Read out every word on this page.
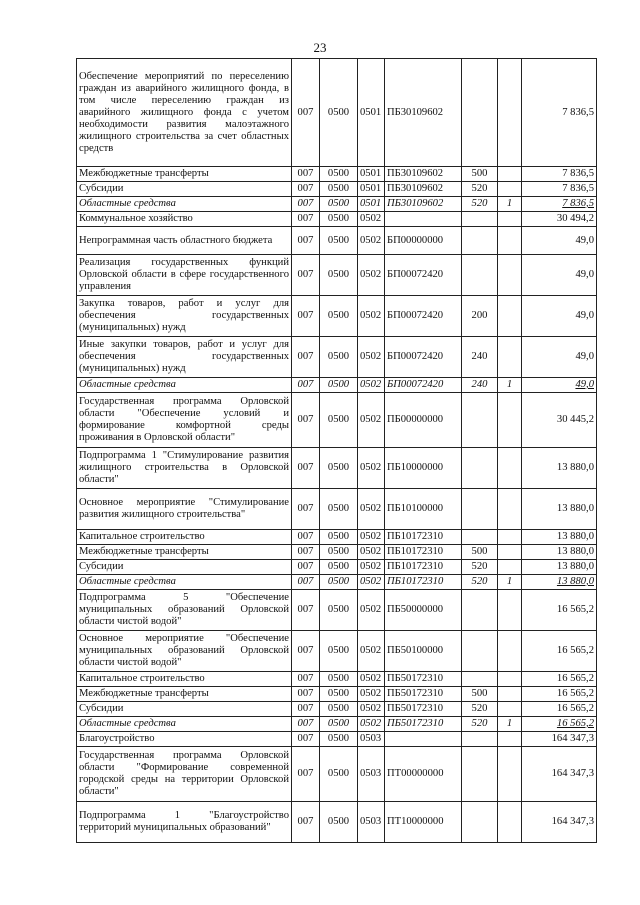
23
Обеспечение мероприятий по переселению граждан из аварийного жилищного фонда, в том числе переселению граждан из аварийного жилищного фонда с учетом необходимости развития малоэтажного жилищного строительства за счет областных средств	007	0500	0501	ПБ30109602			7 836,5
Межбюджетные трансферты	007	0500	0501	ПБ30109602	500		7 836,5
Субсидии	007	0500	0501	ПБ30109602	520		7 836,5
Областные средства	007	0500	0501	ПБ30109602	520	1	7 836,5
Коммунальное хозяйство	007	0500	0502				30 494,2
Непрограммная часть областного бюджета	007	0500	0502	БП00000000			49,0
Реализация государственных функций Орловской области в сфере государственного управления	007	0500	0502	БП00072420			49,0
Закупка товаров, работ и услуг для обеспечения государственных (муниципальных) нужд	007	0500	0502	БП00072420	200		49,0
Иные закупки товаров, работ и услуг для обеспечения государственных (муниципальных) нужд	007	0500	0502	БП00072420	240		49,0
Областные средства	007	0500	0502	БП00072420	240	1	49,0
Государственная программа Орловской области "Обеспечение условий и формирование комфортной среды проживания в Орловской области"	007	0500	0502	ПБ00000000			30 445,2
Подпрограмма 1 "Стимулирование развития жилищного строительства в Орловской области"	007	0500	0502	ПБ10000000			13 880,0
Основное мероприятие "Стимулирование развития жилищного строительства"	007	0500	0502	ПБ10100000			13 880,0
Капитальное строительство	007	0500	0502	ПБ10172310			13 880,0
Межбюджетные трансферты	007	0500	0502	ПБ10172310	500		13 880,0
Субсидии	007	0500	0502	ПБ10172310	520		13 880,0
Областные средства	007	0500	0502	ПБ10172310	520	1	13 880,0
Подпрограмма 5 "Обеспечение муниципальных образований Орловской области чистой водой"	007	0500	0502	ПБ50000000			16 565,2
Основное мероприятие "Обеспечение муниципальных образований Орловской области чистой водой"	007	0500	0502	ПБ50100000			16 565,2
Капитальное строительство	007	0500	0502	ПБ50172310			16 565,2
Межбюджетные трансферты	007	0500	0502	ПБ50172310	500		16 565,2
Субсидии	007	0500	0502	ПБ50172310	520		16 565,2
Областные средства	007	0500	0502	ПБ50172310	520	1	16 565,2
Благоустройство	007	0500	0503				164 347,3
Государственная программа Орловской области "Формирование современной городской среды на территории Орловской области"	007	0500	0503	ПТ00000000			164 347,3
Подпрограмма 1 "Благоустройство территорий муниципальных образований"	007	0500	0503	ПТ10000000			164 347,3
